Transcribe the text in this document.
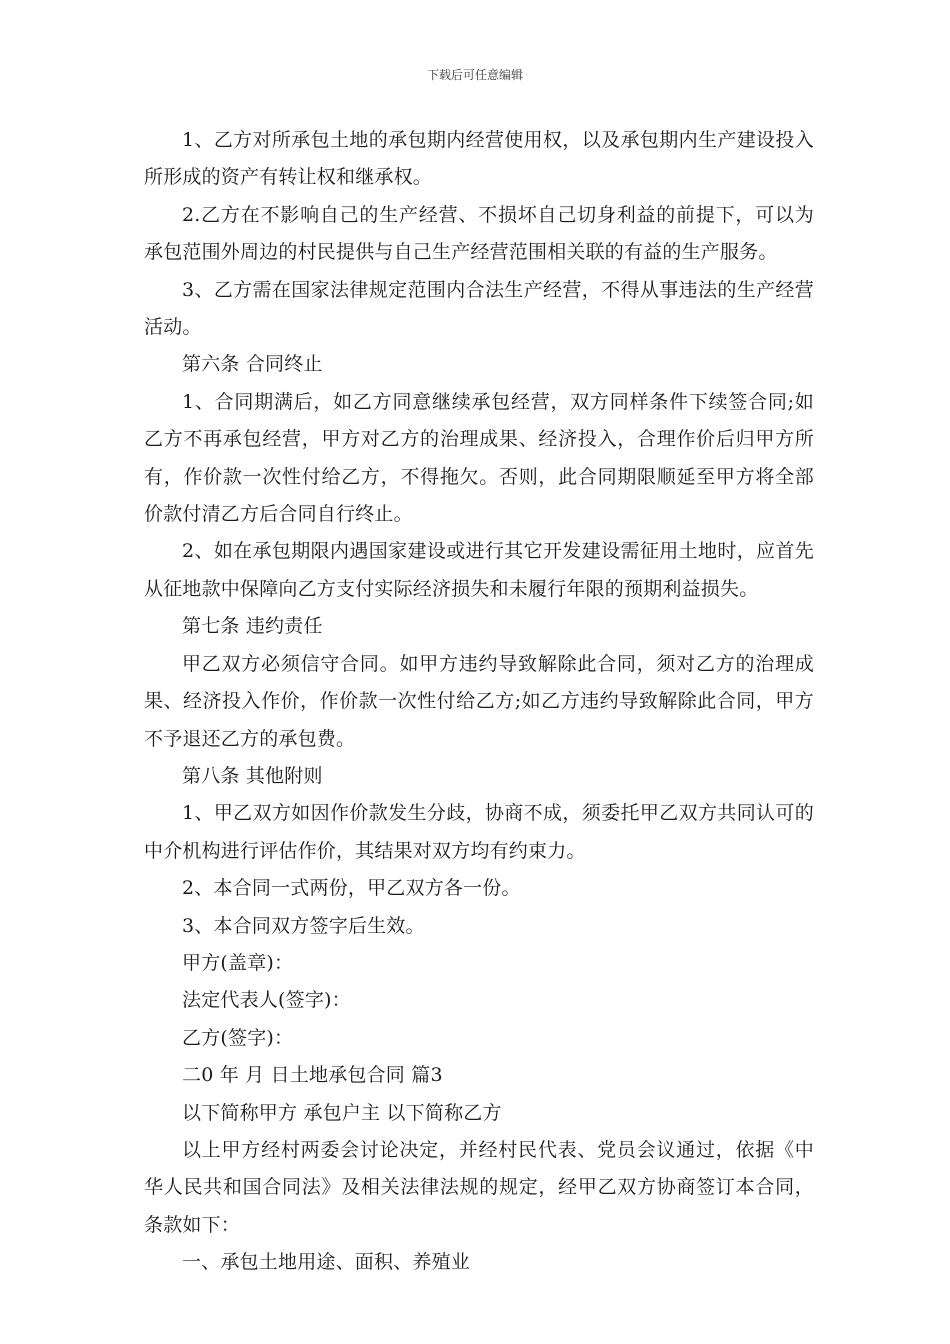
下载后可任意编辑

1、乙方对所承包土地的承包期内经营使用权，以及承包期内生产建设投入所形成的资产有转让权和继承权。

2.乙方在不影响自己的生产经营、不损坏自己切身利益的前提下，可以为承包范围外周边的村民提供与自己生产经营范围相关联的有益的生产服务。

3、乙方需在国家法律规定范围内合法生产经营，不得从事违法的生产经营活动。

第六条 合同终止

1、合同期满后，如乙方同意继续承包经营，双方同样条件下续签合同;如乙方不再承包经营，甲方对乙方的治理成果、经济投入，合理作价后归甲方所有，作价款一次性付给乙方，不得拖欠。否则，此合同期限顺延至甲方将全部价款付清乙方后合同自行终止。

2、如在承包期限内遇国家建设或进行其它开发建设需征用土地时，应首先从征地款中保障向乙方支付实际经济损失和未履行年限的预期利益损失。

第七条 违约责任

甲乙双方必须信守合同。如甲方违约导致解除此合同，须对乙方的治理成果、经济投入作价，作价款一次性付给乙方;如乙方违约导致解除此合同，甲方不予退还乙方的承包费。

第八条 其他附则

1、甲乙双方如因作价款发生分歧，协商不成，须委托甲乙双方共同认可的中介机构进行评估作价，其结果对双方均有约束力。

2、本合同一式两份，甲乙双方各一份。

3、本合同双方签字后生效。

甲方(盖章)：

法定代表人(签字)：

乙方(签字)：

二0 年 月 日土地承包合同 篇3

以下简称甲方 承包户主 以下简称乙方

以上甲方经村两委会讨论决定，并经村民代表、党员会议通过，依据《中华人民共和国合同法》及相关法律法规的规定，经甲乙双方协商签订本合同，条款如下：

一、承包土地用途、面积、养殖业
